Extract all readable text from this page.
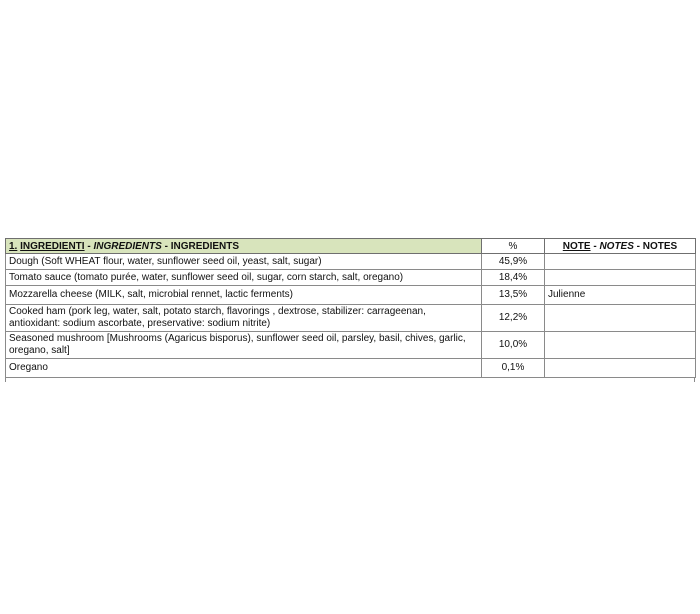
1. INGREDIENTI - INGREDIENTS - INGREDIENTS	%	NOTE - NOTES - NOTES
Dough (Soft WHEAT flour, water, sunflower seed oil, yeast, salt, sugar)	45,9%	
Tomato sauce (tomato purée, water, sunflower seed oil, sugar, corn starch, salt, oregano)	18,4%	
Mozzarella cheese (MILK, salt, microbial rennet, lactic ferments)	13,5%	Julienne
Cooked ham (pork leg, water, salt, potato starch, flavorings , dextrose, stabilizer: carrageenan, antioxidant: sodium ascorbate, preservative: sodium nitrite)	12,2%	
Seasoned mushroom [Mushrooms (Agaricus bisporus), sunflower seed oil, parsley, basil, chives, garlic, oregano, salt]	10,0%	
Oregano	0,1%	
